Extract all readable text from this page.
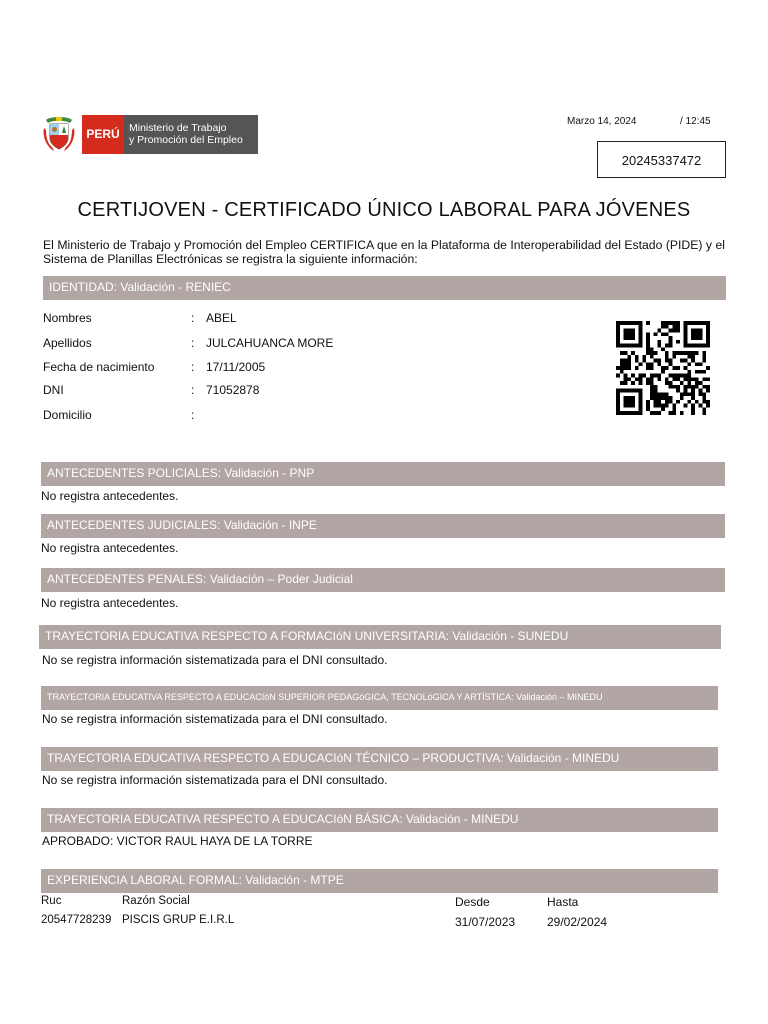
PERÚ Ministerio de Trabajo
y Promoción del Empleo
Marzo 14, 2024	/ 12:45
20245337472
CERTIJOVEN - CERTIFICADO ÚNICO LABORAL PARA JÓVENES
El Ministerio de Trabajo y Promoción del Empleo CERTIFICA que en la Plataforma de Interoperabilidad del Estado (PIDE) y el Sistema de Planillas Electrónicas se registra la siguiente información:
IDENTIDAD: Validación - RENIEC
Nombres	: ABEL
Apellidos	: JULCAHUANCA MORE
Fecha de nacimiento	: 17/11/2005
DNI	: 71052878
Domicilio	:
ANTECEDENTES POLICIALES: Validación - PNP
No registra antecedentes.
ANTECEDENTES JUDICIALES: Validación - INPE
No registra antecedentes.
ANTECEDENTES PENALES: Validación – Poder Judicial
No registra antecedentes.
TRAYECTORIA EDUCATIVA RESPECTO A FORMACIóN UNIVERSITARIA: Validación - SUNEDU
No se registra información sistematizada para el DNI consultado.
TRAYECTORIA EDUCATIVA RESPECTO A EDUCACIóN SUPERIOR PEDAGóGICA, TECNOLóGICA Y ARTÍSTICA: Validación – MINEDU
No se registra información sistematizada para el DNI consultado.
TRAYECTORIA EDUCATIVA RESPECTO A EDUCACIóN TÉCNICO – PRODUCTIVA: Validación - MINEDU
No se registra información sistematizada para el DNI consultado.
TRAYECTORIA EDUCATIVA RESPECTO A EDUCACIóN BÁSICA: Validación - MINEDU
APROBADO: VICTOR RAUL HAYA DE LA TORRE
EXPERIENCIA LABORAL FORMAL: Validación - MTPE
Ruc	Razón Social	Desde	Hasta
20547728239 PISCIS GRUP E.I.R.L	31/07/2023	29/02/2024
